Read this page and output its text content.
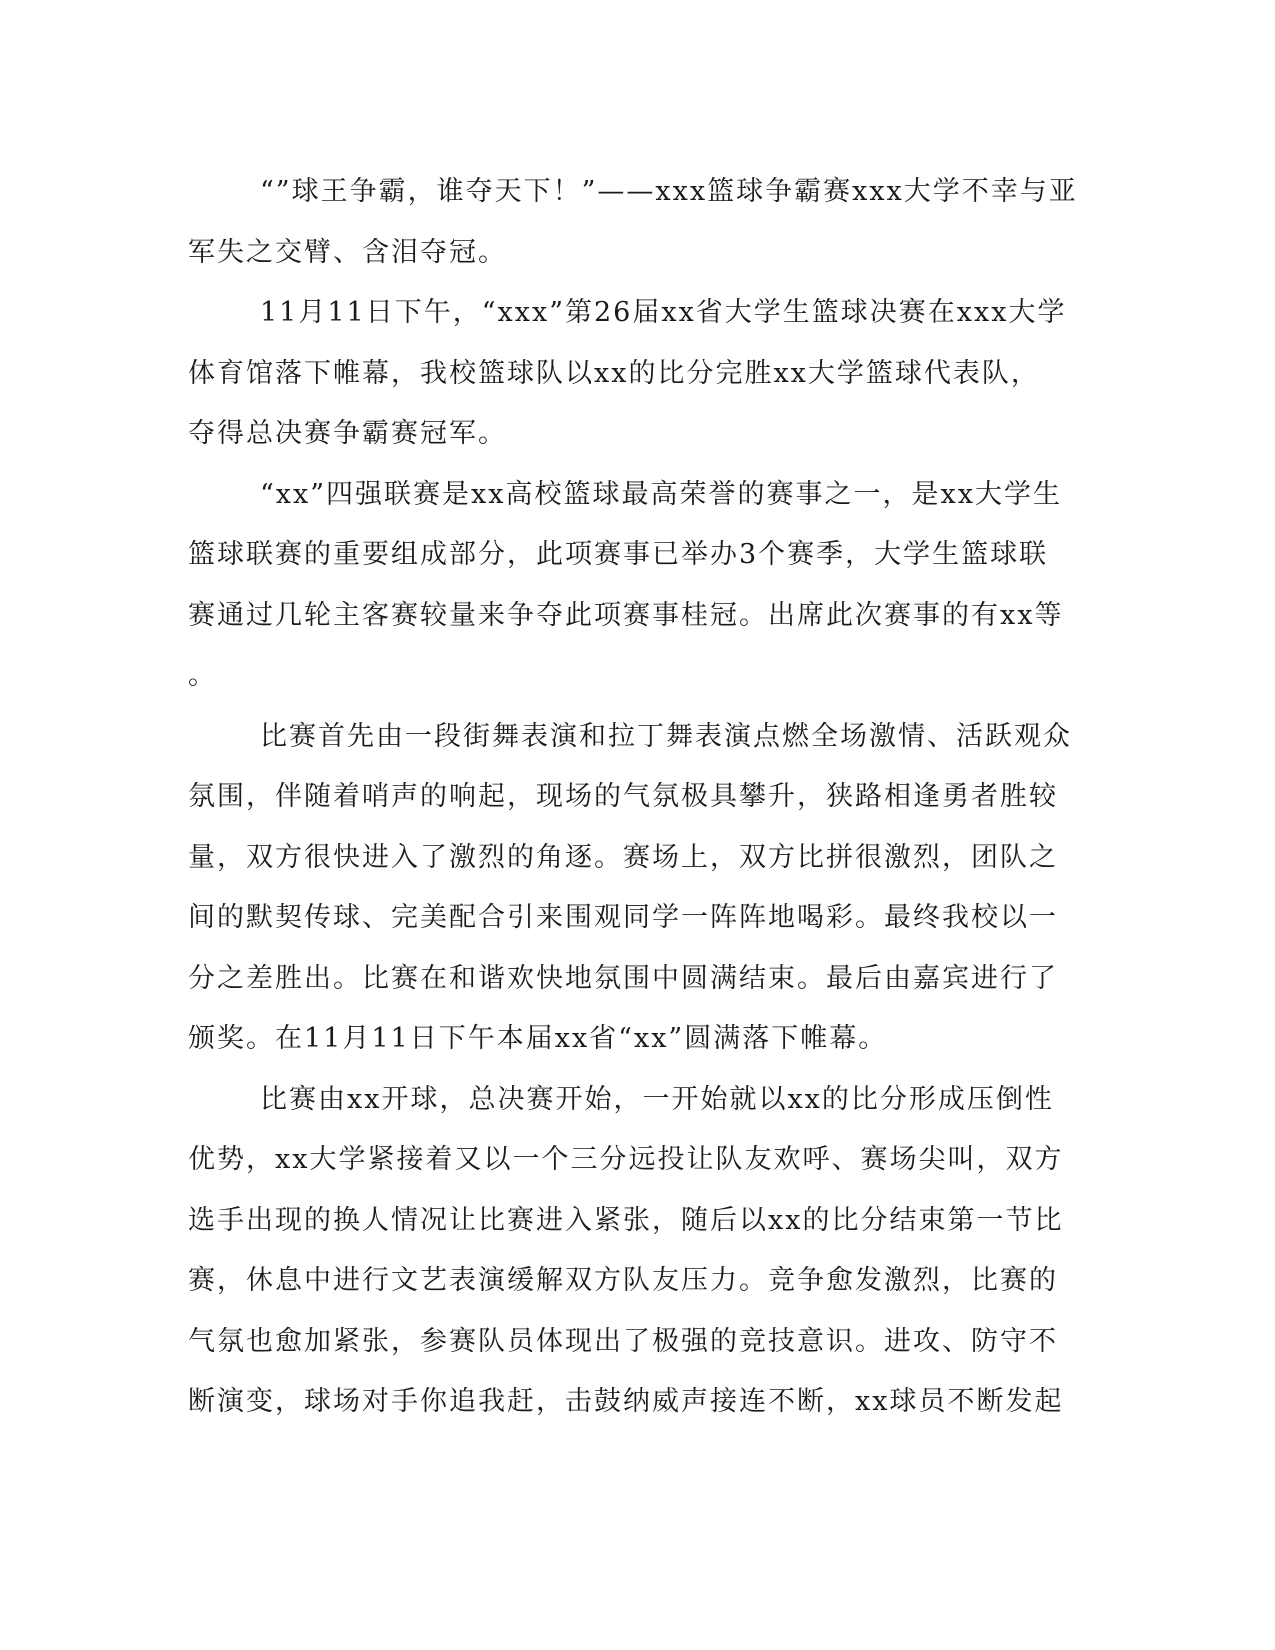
“”球王争霸，谁夺天下！”——xxx篮球争霸赛xxx大学不幸与亚
军失之交臂、含泪夺冠。
11月11日下午，“xxx”第26届xx省大学生篮球决赛在xxx大学
体育馆落下帷幕，我校篮球队以xx的比分完胜xx大学篮球代表队，
夺得总决赛争霸赛冠军。
“xx”四强联赛是xx高校篮球最高荣誉的赛事之一，是xx大学生
篮球联赛的重要组成部分，此项赛事已举办3个赛季，大学生篮球联
赛通过几轮主客赛较量来争夺此项赛事桂冠。出席此次赛事的有xx等
。
比赛首先由一段街舞表演和拉丁舞表演点燃全场激情、活跃观众
氛围，伴随着哨声的响起，现场的气氛极具攀升，狭路相逢勇者胜较
量，双方很快进入了激烈的角逐。赛场上，双方比拼很激烈，团队之
间的默契传球、完美配合引来围观同学一阵阵地喝彩。最终我校以一
分之差胜出。比赛在和谐欢快地氛围中圆满结束。最后由嘉宾进行了
颁奖。在11月11日下午本届xx省“xx”圆满落下帷幕。
比赛由xx开球，总决赛开始，一开始就以xx的比分形成压倒性
优势，xx大学紧接着又以一个三分远投让队友欢呼、赛场尖叫，双方
选手出现的换人情况让比赛进入紧张，随后以xx的比分结束第一节比
赛，休息中进行文艺表演缓解双方队友压力。竞争愈发激烈，比赛的
气氛也愈加紧张，参赛队员体现出了极强的竞技意识。进攻、防守不
断演变，球场对手你追我赶，击鼓纳威声接连不断，xx球员不断发起
